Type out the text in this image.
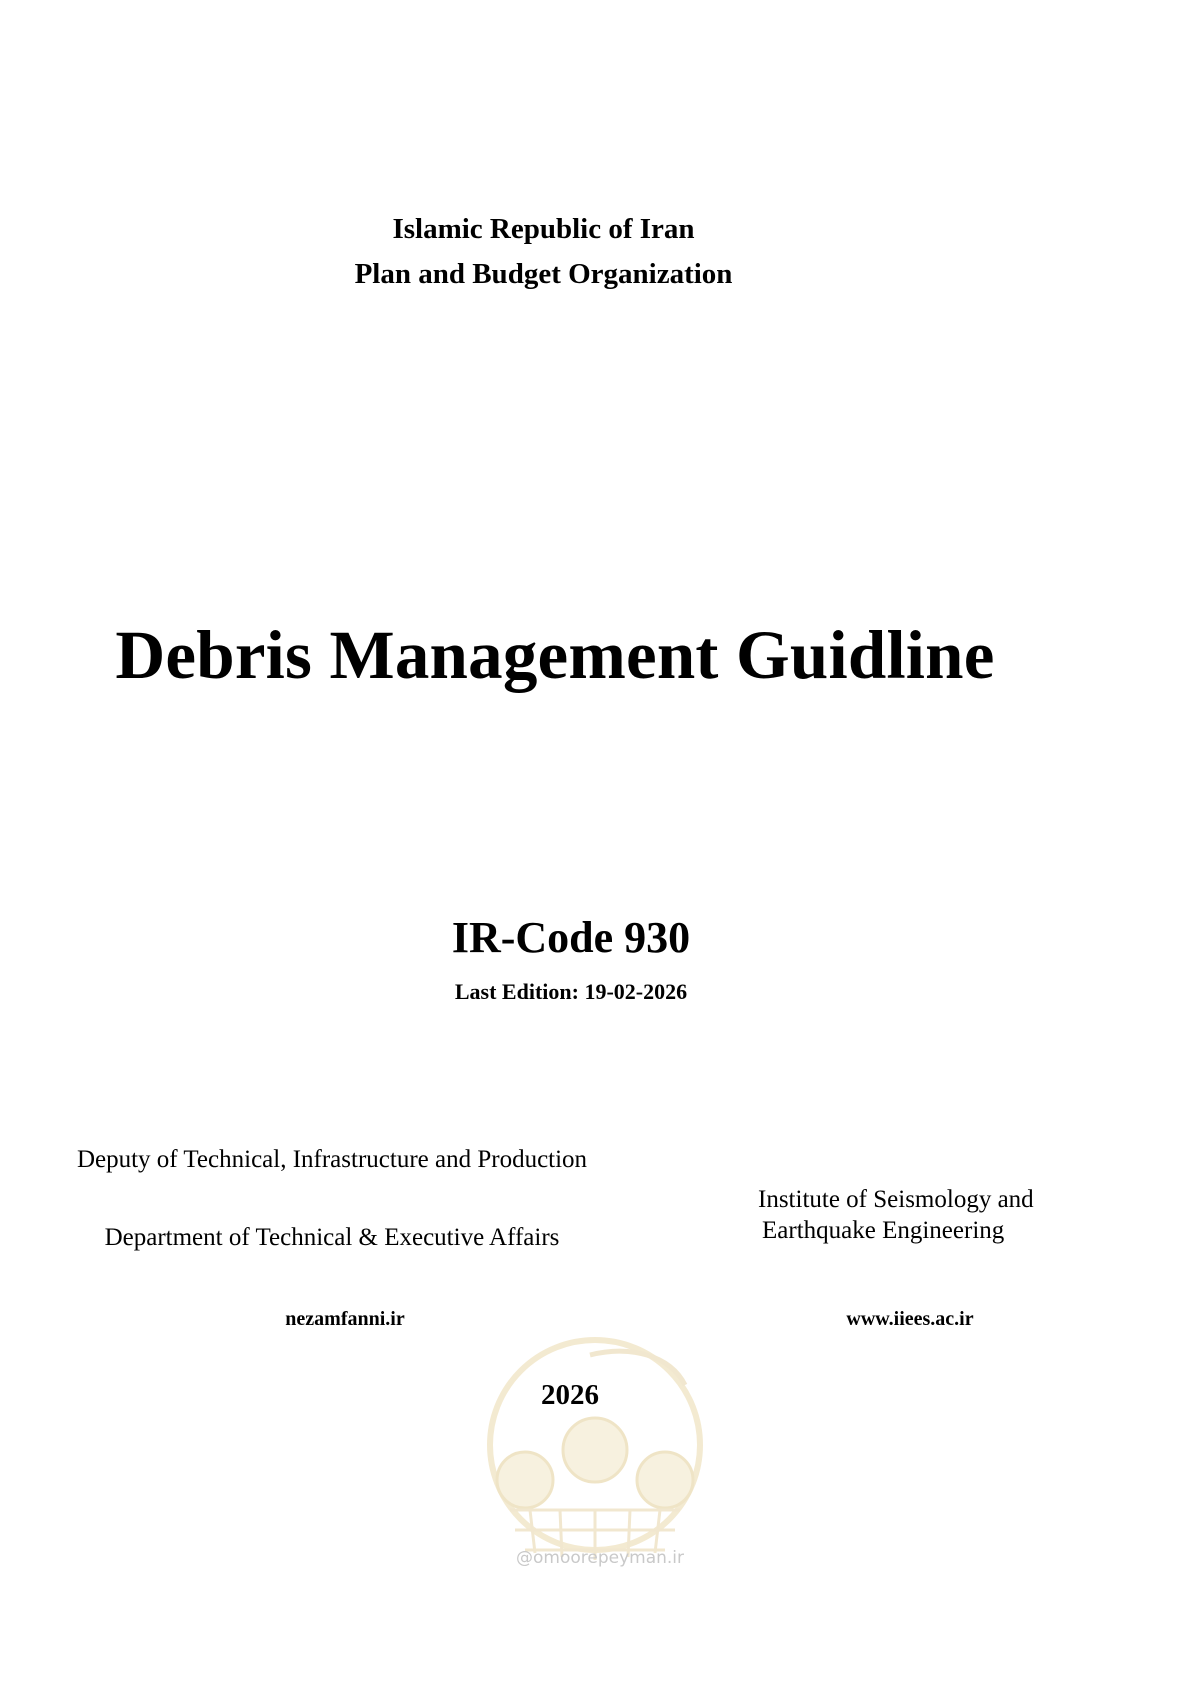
Islamic Republic of Iran
Plan and Budget Organization
Debris Management Guidline
IR-Code 930
Last Edition: 19-02-2026
Deputy of Technical, Infrastructure and Production
Department of Technical & Executive Affairs
Institute of Seismology and
Earthquake Engineering
nezamfanni.ir	www.iiees.ac.ir
2026
@omoorepeyman.ir
